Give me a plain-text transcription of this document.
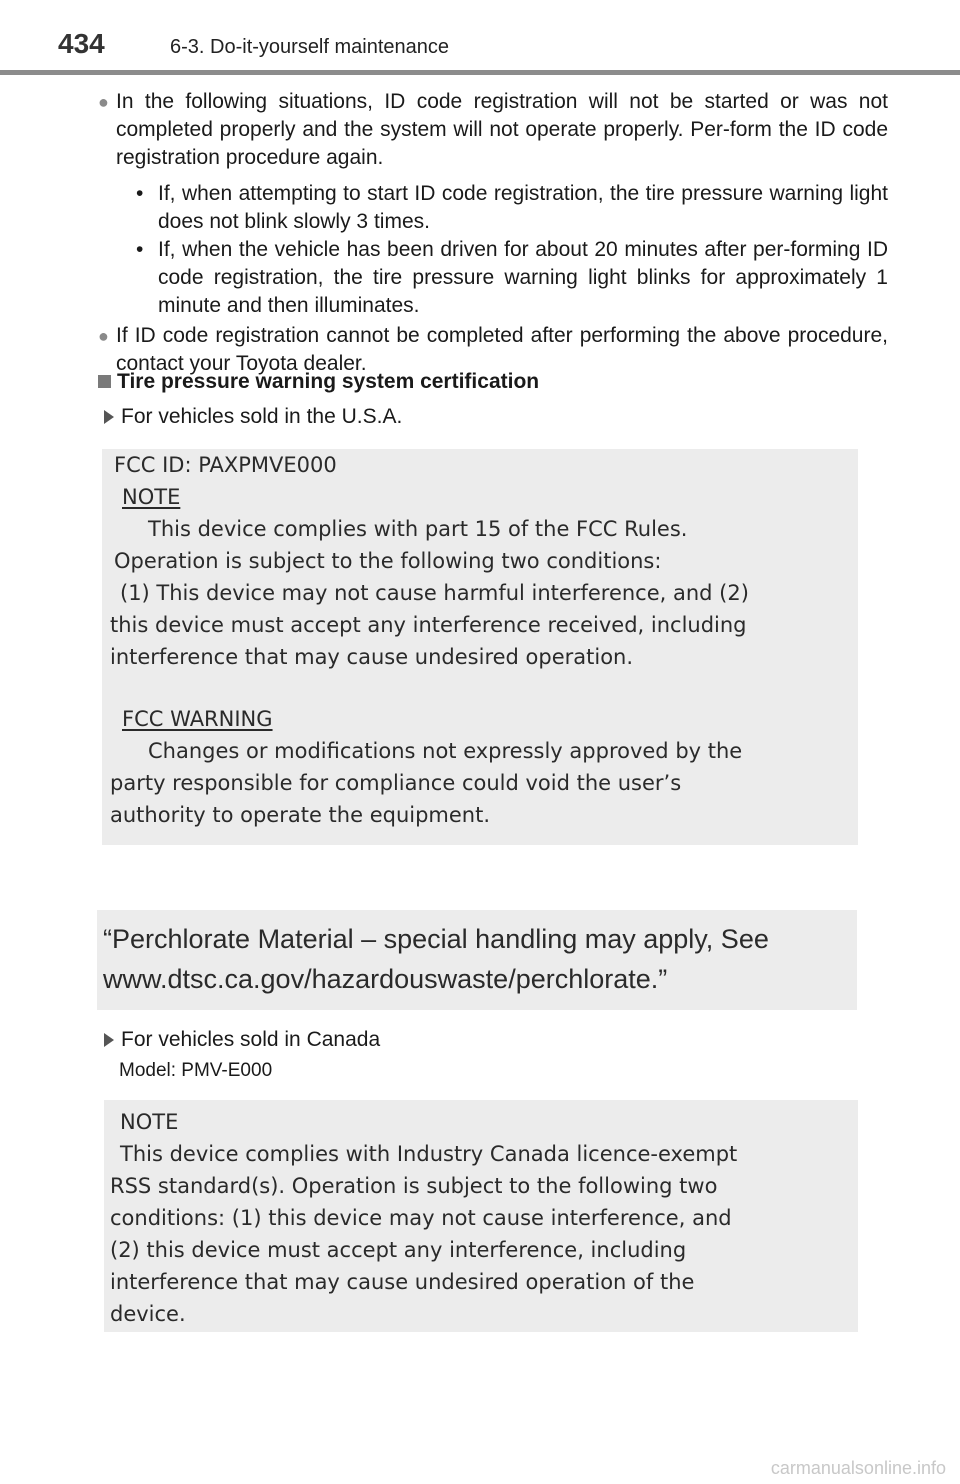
434	6-3. Do-it-yourself maintenance
● In the following situations, ID code registration will not be started or was not completed properly and the system will not operate properly. Per-form the ID code registration procedure again.
• If, when attempting to start ID code registration, the tire pressure warning light does not blink slowly 3 times.
• If, when the vehicle has been driven for about 20 minutes after per-forming ID code registration, the tire pressure warning light blinks for approximately 1 minute and then illuminates.
● If ID code registration cannot be completed after performing the above procedure, contact your Toyota dealer.
Tire pressure warning system certification
For vehicles sold in the U.S.A.
FCC ID: PAXPMVE000
NOTE
This device complies with part 15 of the FCC Rules.
Operation is subject to the following two conditions:
(1) This device may not cause harmful interference, and (2)
this device must accept any interference received, including
interference that may cause undesired operation.
FCC WARNING
Changes or modifications not expressly approved by the
party responsible for compliance could void the user’s
authority to operate the equipment.
“Perchlorate Material – special handling may apply, See
www.dtsc.ca.gov/hazardouswaste/perchlorate.”
For vehicles sold in Canada
Model: PMV-E000
NOTE
This device complies with Industry Canada licence-exempt
RSS standard(s). Operation is subject to the following two
conditions: (1) this device may not cause interference, and
(2) this device must accept any interference, including
interference that may cause undesired operation of the
device.
carmanualsonline.info
